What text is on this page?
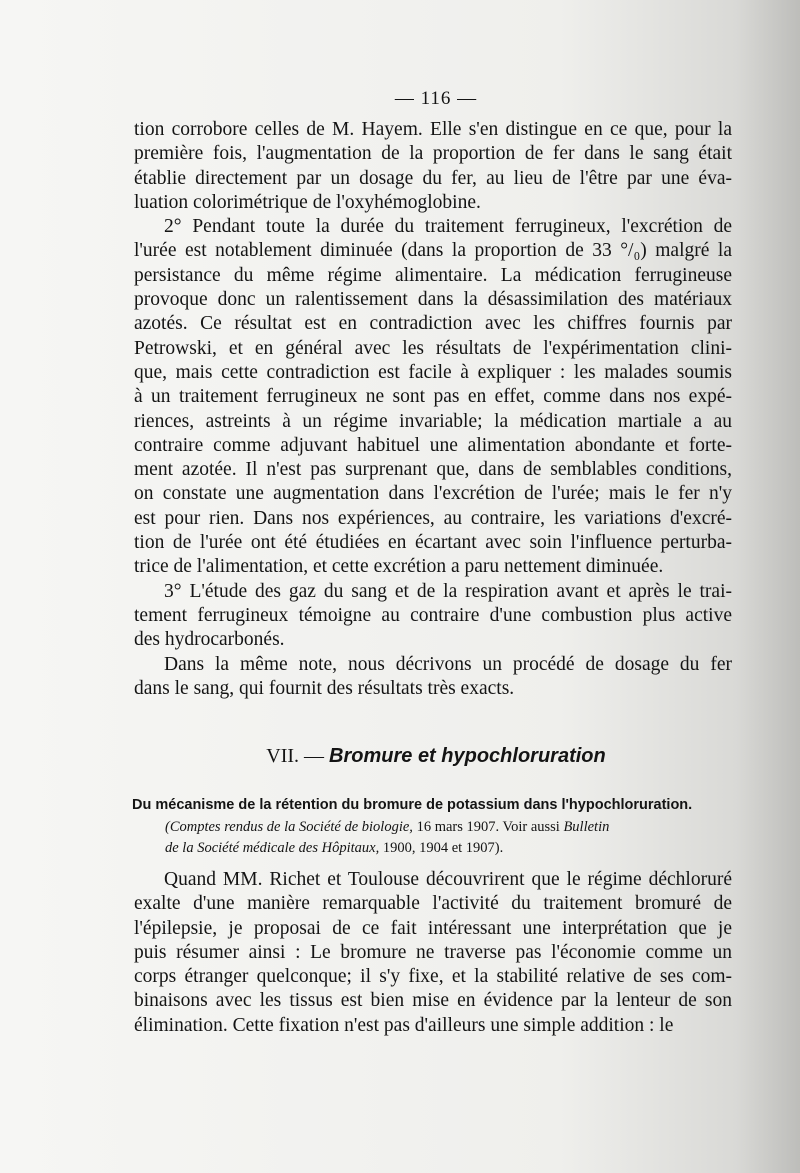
— 116 —
tion corrobore celles de M. Hayem. Elle s'en distingue en ce que, pour la
première fois, l'augmentation de la proportion de fer dans le sang était
établie directement par un dosage du fer, au lieu de l'être par une éva-
luation colorimétrique de l'oxyhémoglobine.
2° Pendant toute la durée du traitement ferrugineux, l'excrétion de
l'urée est notablement diminuée (dans la proportion de 33 °/₀) malgré la
persistance du même régime alimentaire. La médication ferrugineuse
provoque donc un ralentissement dans la désassimilation des matériaux
azotés. Ce résultat est en contradiction avec les chiffres fournis par
Petrowski, et en général avec les résultats de l'expérimentation clini-
que, mais cette contradiction est facile à expliquer : les malades soumis
à un traitement ferrugineux ne sont pas en effet, comme dans nos expé-
riences, astreints à un régime invariable; la médication martiale a au
contraire comme adjuvant habituel une alimentation abondante et forte-
ment azotée. Il n'est pas surprenant que, dans de semblables conditions,
on constate une augmentation dans l'excrétion de l'urée; mais le fer n'y
est pour rien. Dans nos expériences, au contraire, les variations d'excré-
tion de l'urée ont été étudiées en écartant avec soin l'influence perturba-
trice de l'alimentation, et cette excrétion a paru nettement diminuée.
3° L'étude des gaz du sang et de la respiration avant et après le trai-
tement ferrugineux témoigne au contraire d'une combustion plus active
des hydrocarbonés.
Dans la même note, nous décrivons un procédé de dosage du fer
dans le sang, qui fournit des résultats très exacts.
VII. — Bromure et hypochloruration
Du mécanisme de la rétention du bromure de potassium dans l'hypochloruration.
(Comptes rendus de la Société de biologie, 16 mars 1907. Voir aussi Bulletin
de la Société médicale des Hôpitaux, 1900, 1904 et 1907).
Quand MM. Richet et Toulouse découvrirent que le régime déchloruré
exalte d'une manière remarquable l'activité du traitement bromuré de
l'épilepsie, je proposai de ce fait intéressant une interprétation que je
puis résumer ainsi : Le bromure ne traverse pas l'économie comme un
corps étranger quelconque; il s'y fixe, et la stabilité relative de ses com-
binaisons avec les tissus est bien mise en évidence par la lenteur de son
élimination. Cette fixation n'est pas d'ailleurs une simple addition : le
